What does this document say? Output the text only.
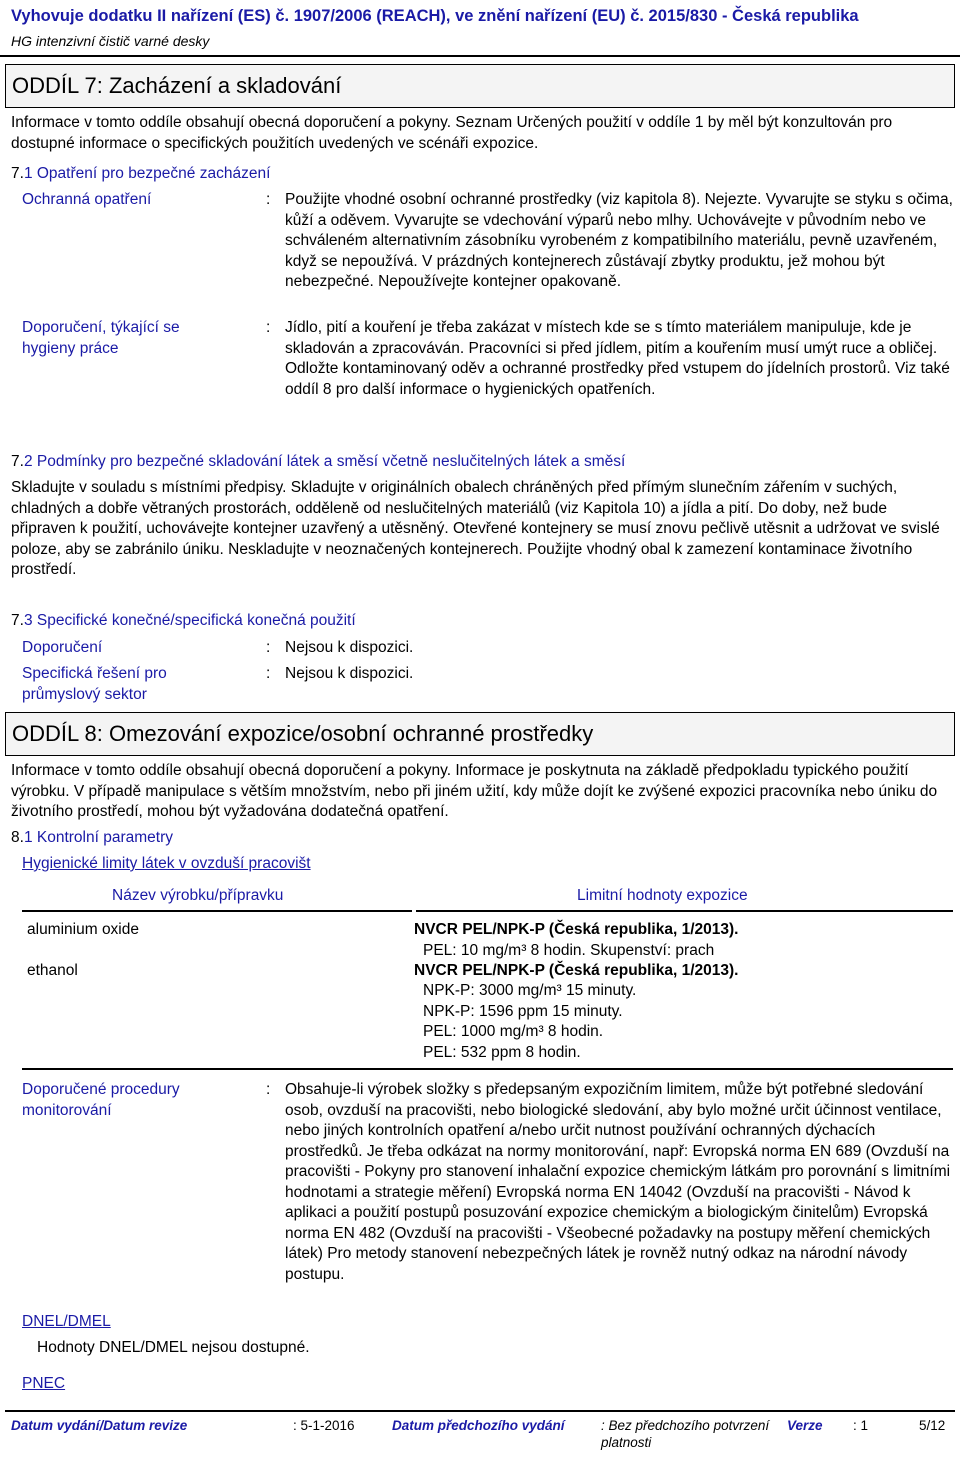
Vyhovuje dodatku II nařízení (ES) č. 1907/2006 (REACH), ve znění nařízení (EU) č. 2015/830 - Česká republika
HG intenzivní čistič varné desky
ODDÍL 7: Zacházení a skladování
Informace v tomto oddíle obsahují obecná doporučení a pokyny. Seznam Určených použití v oddíle 1 by měl být konzultován pro dostupné informace o specifických použitích uvedených ve scénáři expozice.
7.1 Opatření pro bezpečné zacházení
Ochranná opatření	: Použijte vhodné osobní ochranné prostředky (viz kapitola 8). Nejezte. Vyvarujte se styku s očima, kůží a oděvem. Vyvarujte se vdechování výparů nebo mlhy. Uchovávejte v původním nebo ve schváleném alternativním zásobníku vyrobeném z kompatibilního materiálu, pevně uzavřeném, když se nepoužívá. V prázdných kontejnerech zůstávají zbytky produktu, jež mohou být nebezpečné. Nepoužívejte kontejner opakovaně.
Doporučení, týkající se hygieny práce
: Jídlo, pití a kouření je třeba zakázat v místech kde se s tímto materiálem manipuluje, kde je skladován a zpracováván. Pracovníci si před jídlem, pitím a kouřením musí umýt ruce a obličej. Odložte kontaminovaný oděv a ochranné prostředky před vstupem do jídelních prostorů. Viz také oddíl 8 pro další informace o hygienických opatřeních.
7.2 Podmínky pro bezpečné skladování látek a směsí včetně neslučitelných látek a směsí
Skladujte v souladu s místními předpisy. Skladujte v originálních obalech chráněných před přímým slunečním zářením v suchých, chladných a dobře větraných prostorách, odděleně od neslučitelných materiálů (viz Kapitola 10) a jídla a pití. Do doby, než bude připraven k použití, uchovávejte kontejner uzavřený a utěsněný. Otevřené kontejnery se musí znovu pečlivě utěsnit a udržovat ve svislé poloze, aby se zabránilo úniku. Neskladujte v neoznačených kontejnerech. Použijte vhodný obal k zamezení kontaminace životního prostředí.
7.3 Specifické konečné/specifická konečná použití
Doporučení	: Nejsou k dispozici.
Specifická řešení pro průmyslový sektor
: Nejsou k dispozici.
ODDÍL 8: Omezování expozice/osobní ochranné prostředky
Informace v tomto oddíle obsahují obecná doporučení a pokyny. Informace je poskytnuta na základě předpokladu typického použití výrobku. V případě manipulace s větším množstvím, nebo při jiném užití, kdy může dojít ke zvýšené expozici pracovníka nebo úniku do životního prostředí, mohou být vyžadována dodatečná opatření.
8.1 Kontrolní parametry
Hygienické limity látek v ovzduší pracovišt
Název výrobku/přípravku	Limitní hodnoty expozice
aluminium oxide	NVCR PEL/NPK-P (Česká republika, 1/2013).
PEL: 10 mg/m³ 8 hodin. Skupenství: prach
ethanol	NVCR PEL/NPK-P (Česká republika, 1/2013).
NPK-P: 3000 mg/m³ 15 minuty.
NPK-P: 1596 ppm 15 minuty.
PEL: 1000 mg/m³ 8 hodin.
PEL: 532 ppm 8 hodin.
Doporučené procedury monitorování
: Obsahuje-li výrobek složky s předepsaným expozičním limitem, může být potřebné sledování osob, ovzduší na pracovišti, nebo biologické sledování, aby bylo možné určit účinnost ventilace, nebo jiných kontrolních opatření a/nebo určit nutnost používání ochranných dýchacích prostředků. Je třeba odkázat na normy monitorování, např: Evropská norma EN 689 (Ovzduší na pracovišti - Pokyny pro stanovení inhalační expozice chemickým látkám pro porovnání s limitními hodnotami a strategie měření) Evropská norma EN 14042 (Ovzduší na pracovišti - Návod k aplikaci a použití postupů posuzování expozice chemickým a biologickým činitelům) Evropská norma EN 482 (Ovzduší na pracovišti - Všeobecné požadavky na postupy měření chemických látek) Pro metody stanovení nebezpečných látek je rovněž nutný odkaz na národní návody postupu.
DNEL/DMEL
Hodnoty DNEL/DMEL nejsou dostupné.
PNEC
Datum vydání/Datum revize	: 5-1-2016	Datum předchozího vydání	: Bez předchozího potvrzení platnosti
Verze : 1	5/12
